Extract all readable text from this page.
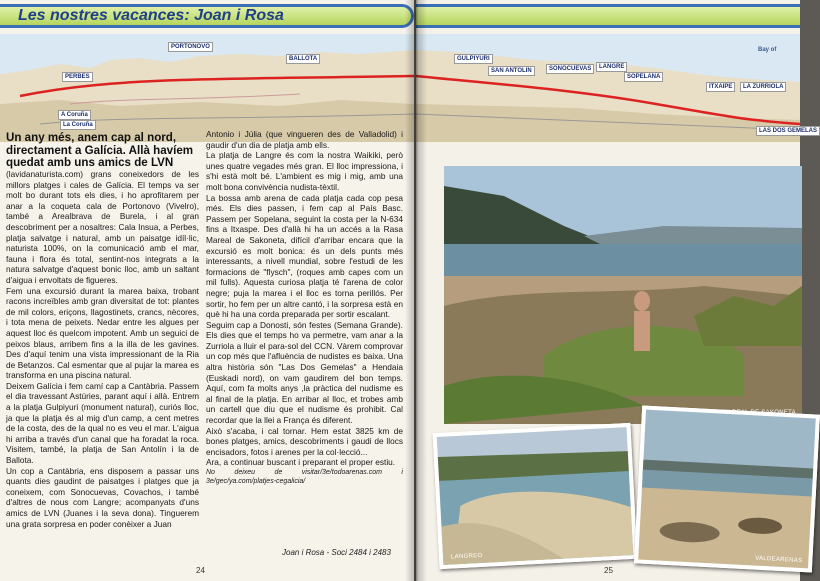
Les nostres vacances: Joan i Rosa
PORTONOVO
PERBES
BALLOTA
A Coruña
La Coruña
Un any més, anem cap al nord, directament a Galícia. Allà havíem quedat amb uns amics de LVN

(lavidanaturista.com) grans coneixedors de les millors platges i cales de Galícia. El temps va ser molt bo durant tots els dies, i ho aprofitarem per anar a la coqueta cala de Portonovo (Vivelro), també a Arealbrava de Burela, i al gran descobriment per a nosaltres: Cala Insua, a Perbes, platja salvatge i natural, amb un paisatge idíl·lic, naturista 100%, on la comunicació amb el mar, fauna i flora és total, sentint-nos integrats a la natura salvatge d'aquest bonic lloc, amb un saltant d'aigua i envoltats de figueres.

Fem una excursió durant la marea baixa, trobant racons increïbles amb gran diversitat de tot: plantes de mil colors, eriçons, llagostinets, crancs, nècores, i tota mena de peixets. Nedar entre les algues per aquest lloc és quelcom impotent. Amb un seguici de peixos blaus, arribem fins a la illa de les gavines. Des d'aquí tenim una vista impressionant de la Ria de Betanzos. Cal esmentar que al pujar la marea es transforma en una piscina natural.

Deixem Galícia i fem camí cap a Cantàbria. Passem el dia travessant Astúries, parant aquí i allà. Entrem a la platja Gulpiyuri (monument natural), curiós lloc, ja que la platja és al mig d'un camp, a cent metres de la costa, des de la qual no es veu el mar. L'aigua hi arriba a través d'un canal que ha foradat la roca. Visitem, també, la platja de San Antolín i la de Ballota.

Un cop a Cantàbria, ens disposem a passar uns quants dies gaudint de paisatges i platges que ja coneixem, com Sonocuevas, Covachos, i també d'altres de nous com Langre; acompanyats d'uns amics de LVN (Juanes i la seva dona). Tinguerem una grata sorpresa en poder conèixer a Juan

Antonio i Júlia (que vingueren des de Valladolid) i gaudir d'un dia de platja amb ells.

La platja de Langre és com la nostra Waikiki, però unes quatre vegades més gran. El lloc impressiona, i s'hi està molt bé. L'ambient es mig i mig, amb una molt bona convivència nudista-tèxtil.

La bossa amb arena de cada platja cada cop pesa més. Els dies passen, i fem cap al País Basc. Passem per Sopelana, seguint la costa per la N-634 fins a Itxaspe. Des d'allà hi ha un accés a la Rasa Mareal de Sakoneta, difícil d'arribar encara que la excursió es molt bonica: és un dels punts més interessants, a nivell mundial, sobre l'estudi de les formacions de "flysch", (roques amb capes com un mil fulls). Aquesta curiosa platja té l'arena de color negre; puja la marea i el lloc es torna perillós. Per sortir, ho fem per un altre cantó, i la sorpresa està en què hi ha una corda preparada per sortir escalant.

Seguim cap a Donosti, són festes (Semana Grande). Els dies que el temps ho va permetre, vam anar a la Zurriola a lluir el para-sol del CCN. Vàrem comprovar un cop més que l'afluència de nudistes es baixa. Una altra història són "Las Dos Gemelas" a Hendaia (Euskadi nord), on vam gaudirem del bon temps. Aquí, com fa molts anys ,la pràctica del nudisme es al final de la platja. En arribar al lloc, et trobes amb un cartell que diu que el nudisme és prohibit. Cal recordar que la llei a França és diferent.

Això s'acaba, i cal tornar. Hem estat 3825 km de bones platges, amics, descobriments i gaudi de llocs encisadors, fotos i arenes per la col·lecció...

Ara, a continuar buscant i preparant el proper estiu.

No deixeu de visitar/3e/todoarenas.com i 3e/gec/ya.com/platjes-cegalicia/

Joan i Rosa - Soci 2484 i 2483
24
GULPIYURI
SAN ANTOLIN	SONOCUEVAS	LANGRE
SOPELANA
ITXAIPE	LA ZURRIOLA
LAS DOS GEMELAS
Bay of
LANGREO	VALDEARENAS
25
